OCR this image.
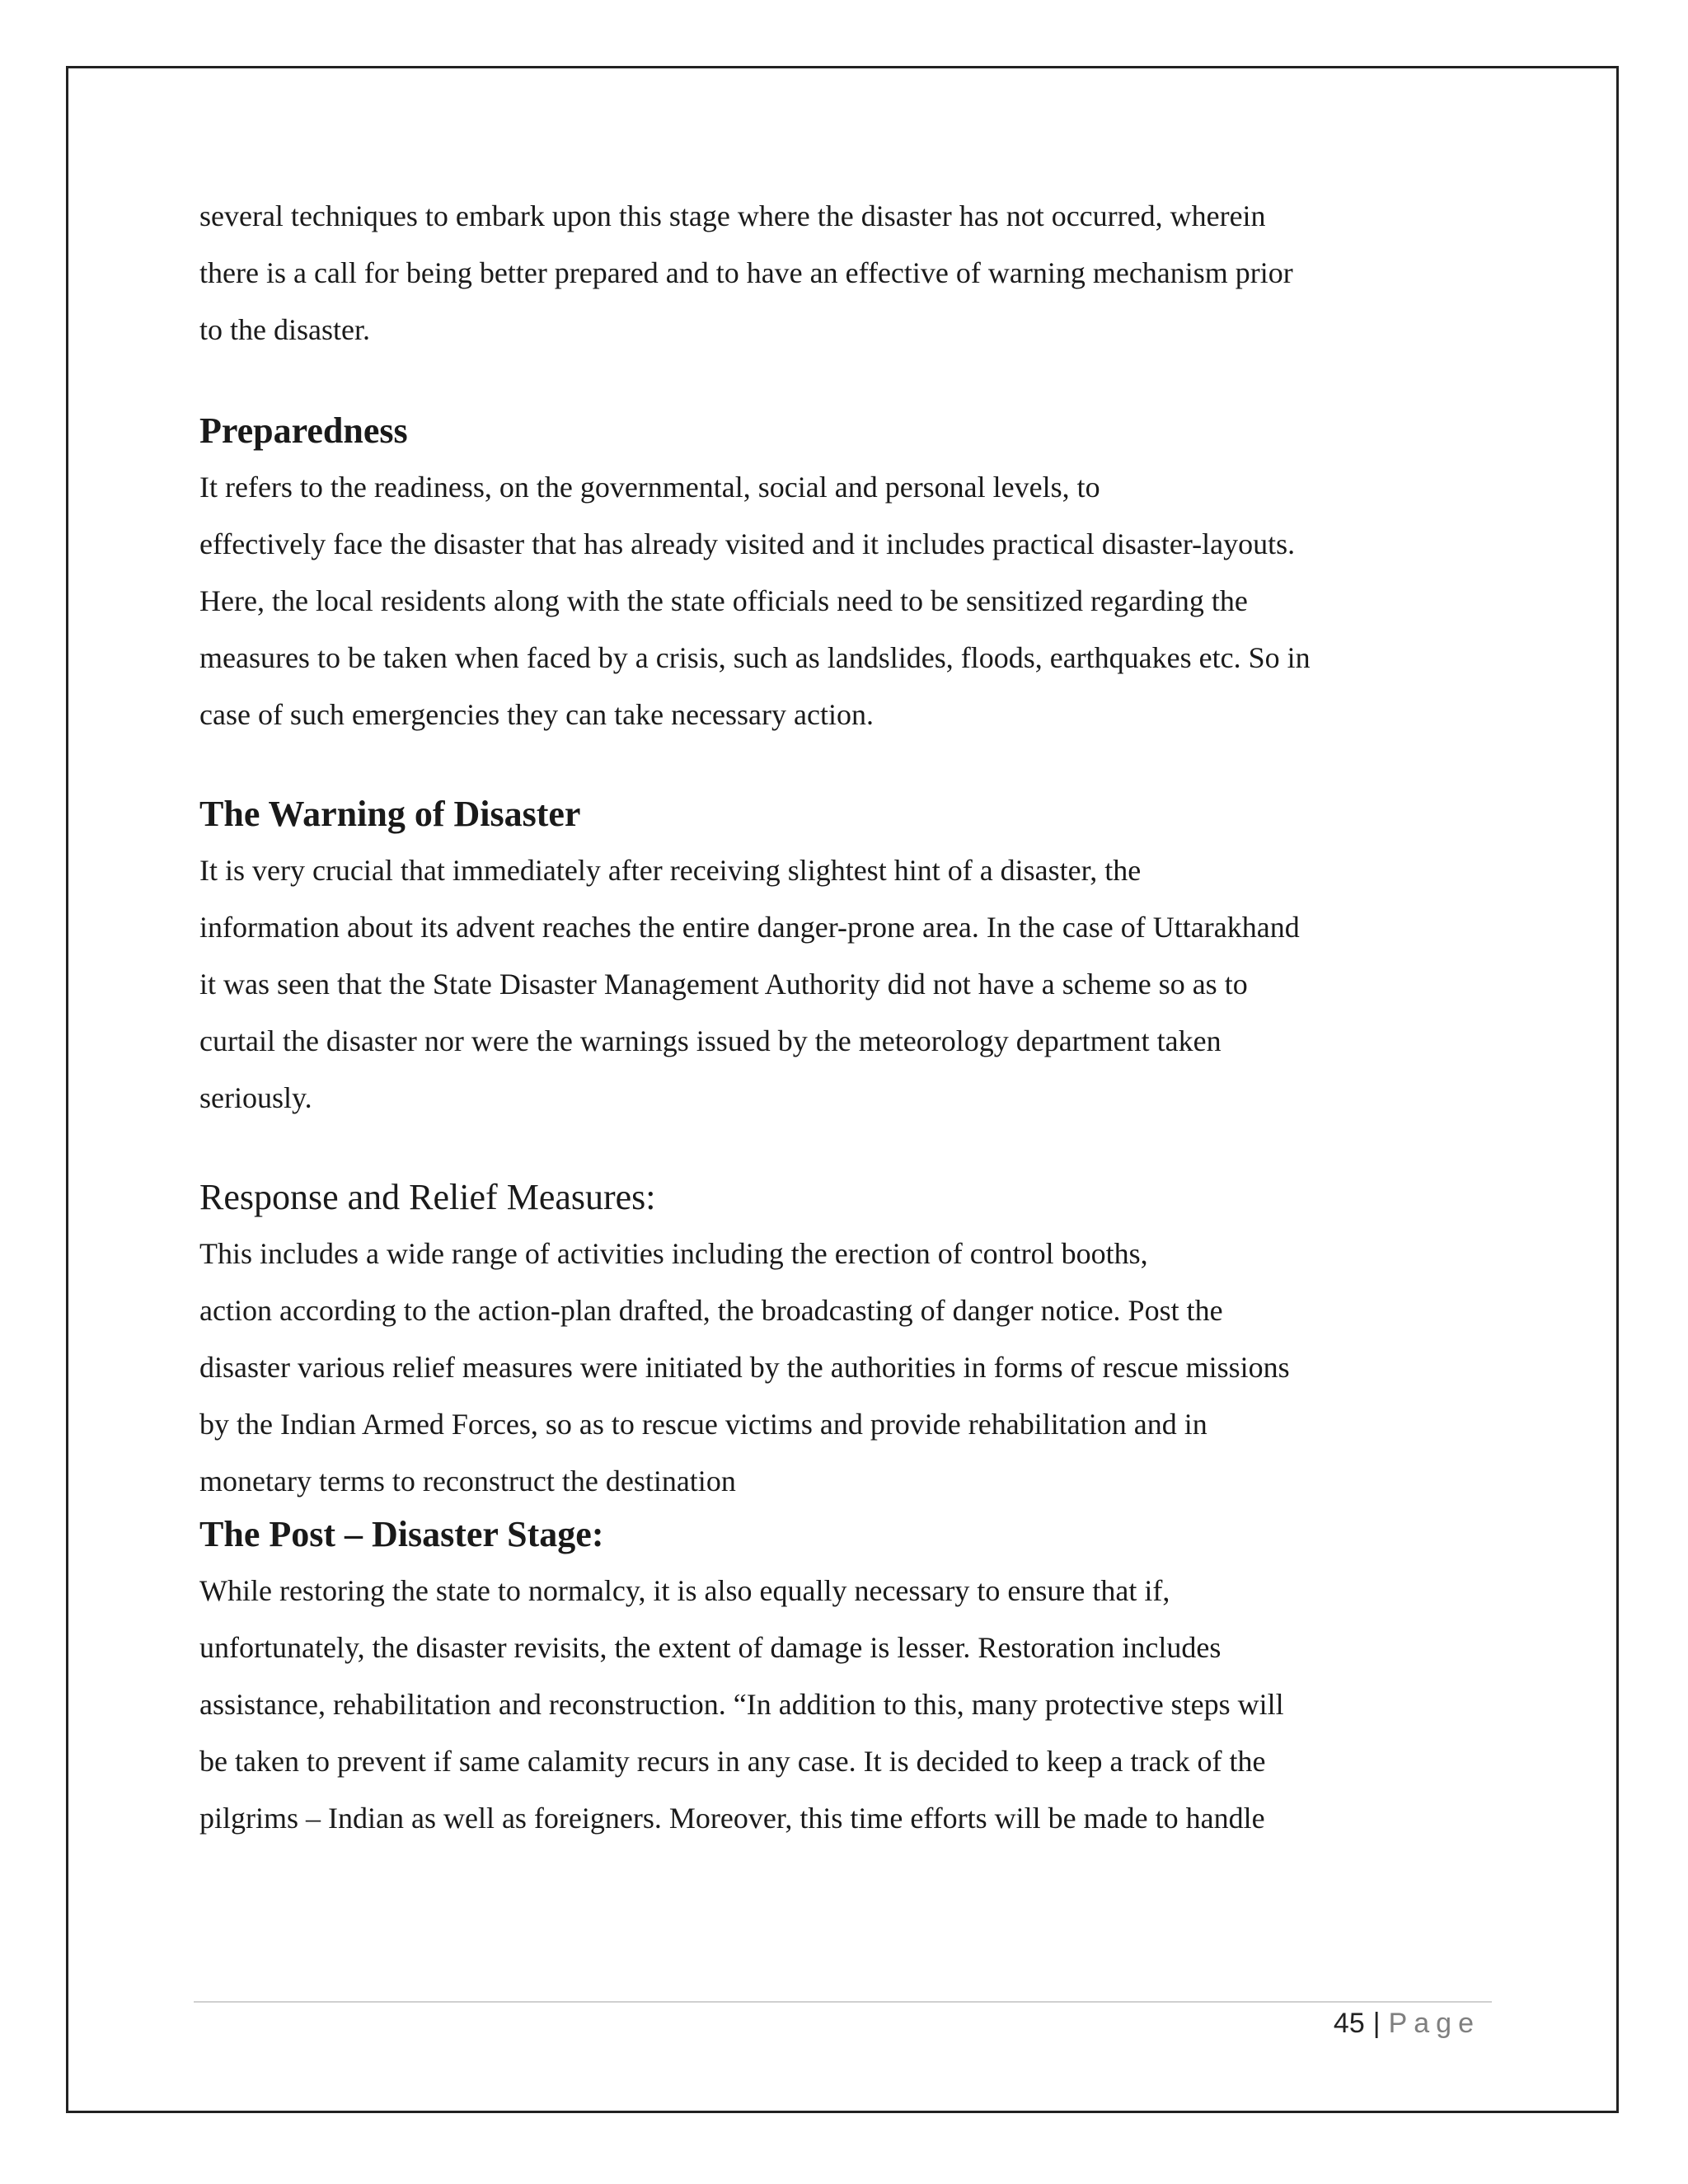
several techniques to embark upon this stage where the disaster has not occurred, wherein
there is a call for being better prepared and to have an effective of warning mechanism prior
to the disaster.
Preparedness
It refers to the readiness, on the governmental, social and personal levels, to
effectively face the disaster that has already visited and it includes practical disaster-layouts.
Here, the local residents along with the state officials need to be sensitized regarding the
measures to be taken when faced by a crisis, such as landslides, floods, earthquakes etc. So in
case of such emergencies they can take necessary action.
The Warning of Disaster
It is very crucial that immediately after receiving slightest hint of a disaster, the
information about its advent reaches the entire danger-prone area. In the case of Uttarakhand
it was seen that the State Disaster Management Authority did not have a scheme so as to
curtail the disaster nor were the warnings issued by the meteorology department taken
seriously.
Response and Relief Measures:
This includes a wide range of activities including the erection of control booths,
action according to the action-plan drafted, the broadcasting of danger notice. Post the
disaster various relief measures were initiated by the authorities in forms of rescue missions
by the Indian Armed Forces, so as to rescue victims and provide rehabilitation and in
monetary terms to reconstruct the destination
The Post – Disaster Stage:
While restoring the state to normalcy, it is also equally necessary to ensure that if,
unfortunately, the disaster revisits, the extent of damage is lesser. Restoration includes
assistance, rehabilitation and reconstruction. “In addition to this, many protective steps will
be taken to prevent if same calamity recurs in any case. It is decided to keep a track of the
pilgrims – Indian as well as foreigners. Moreover, this time efforts will be made to handle
45 | Page
